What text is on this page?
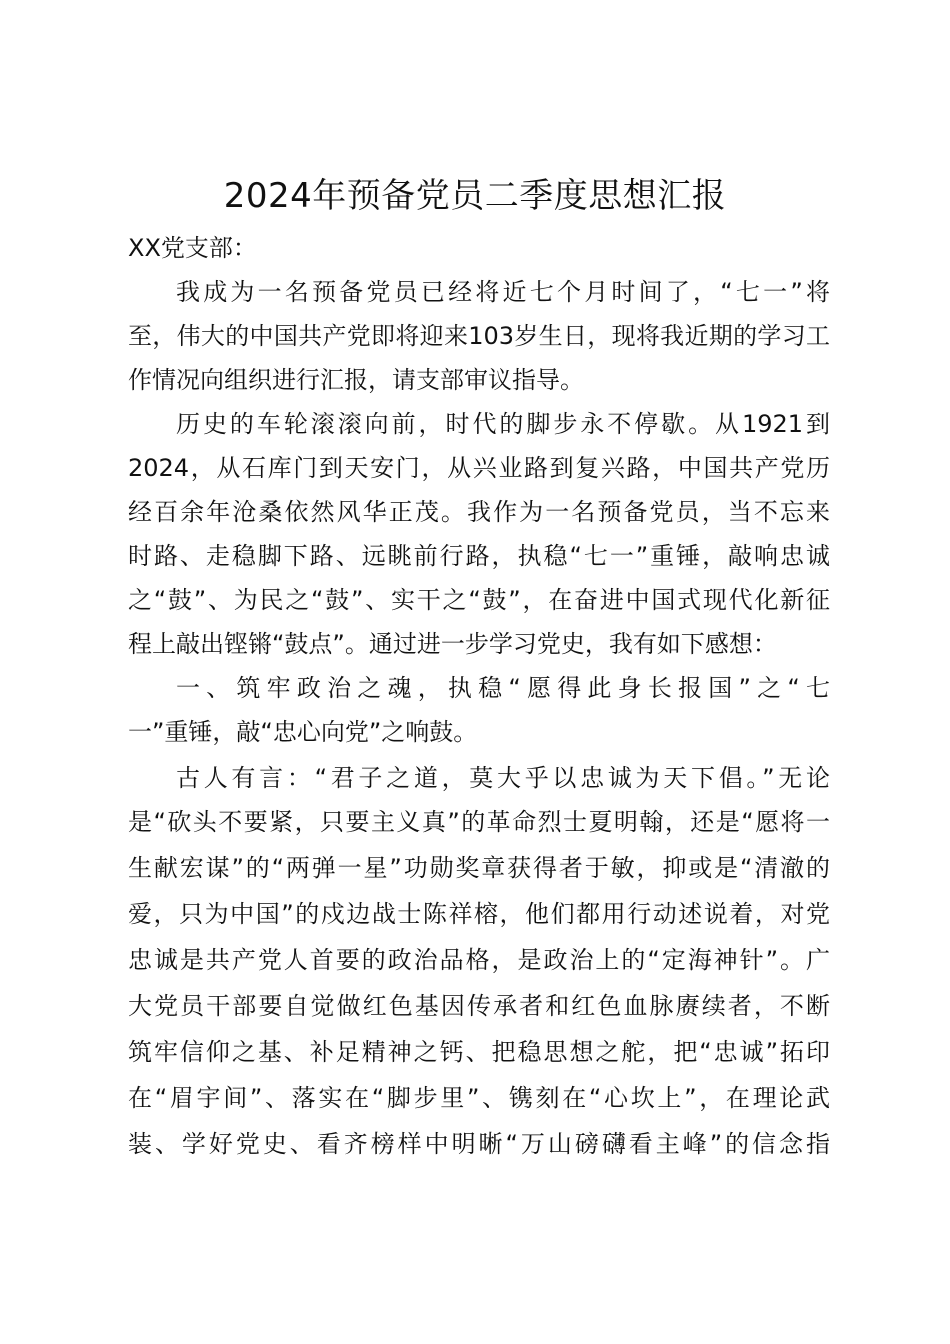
2024年预备党员二季度思想汇报
XX党支部：
我成为一名预备党员已经将近七个月时间了，“七一”将
至，伟大的中国共产党即将迎来103岁生日，现将我近期的学习工
作情况向组织进行汇报，请支部审议指导。
历史的车轮滚滚向前，时代的脚步永不停歇。从1921到
2024，从石库门到天安门，从兴业路到复兴路，中国共产党历
经百余年沧桑依然风华正茂。我作为一名预备党员，当不忘来
时路、走稳脚下路、远眺前行路，执稳“七一”重锤，敲响忠诚
之“鼓”、为民之“鼓”、实干之“鼓”，在奋进中国式现代化新征
程上敲出铿锵“鼓点”。通过进一步学习党史，我有如下感想：
一、筑牢政治之魂，执稳“愿得此身长报国”之“七
一”重锤，敲“忠心向党”之响鼓。
古人有言：“君子之道，莫大乎以忠诚为天下倡。”无论
是“砍头不要紧，只要主义真”的革命烈士夏明翰，还是“愿将一
生献宏谋”的“两弹一星”功勋奖章获得者于敏，抑或是“清澈的
爱，只为中国”的戍边战士陈祥榕，他们都用行动述说着，对党
忠诚是共产党人首要的政治品格，是政治上的“定海神针”。广
大党员干部要自觉做红色基因传承者和红色血脉赓续者，不断
筑牢信仰之基、补足精神之钙、把稳思想之舵，把“忠诚”拓印
在“眉宇间”、落实在“脚步里”、镌刻在“心坎上”，在理论武
装、学好党史、看齐榜样中明晰“万山磅礴看主峰”的信念指
